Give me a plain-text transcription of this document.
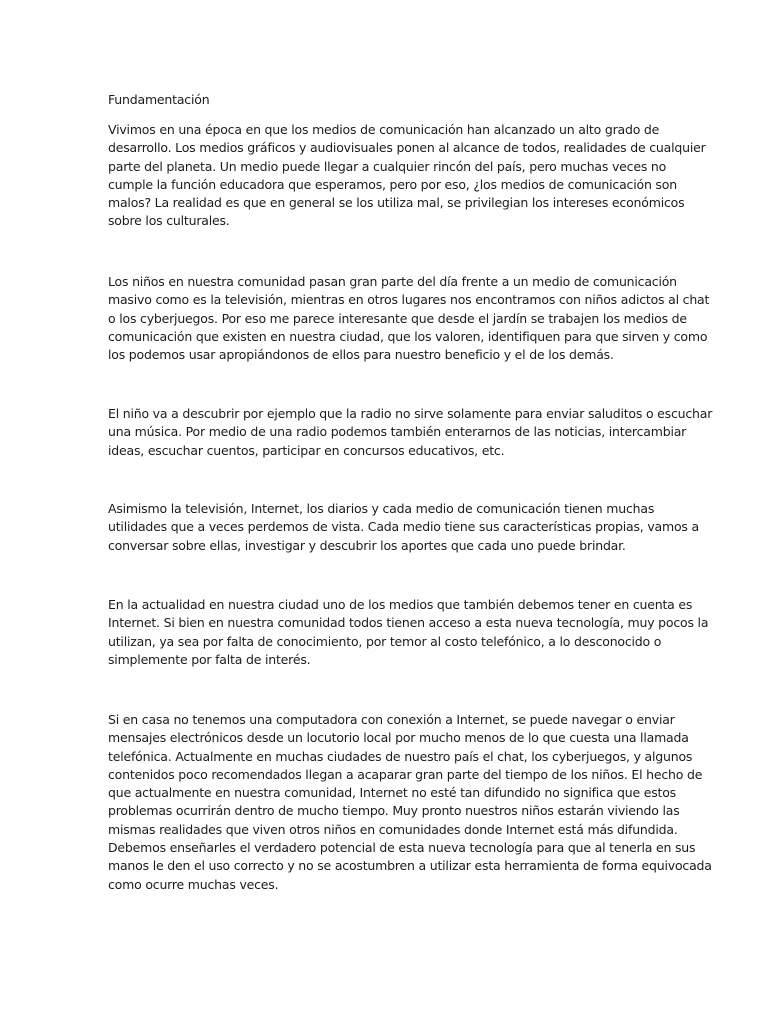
Fundamentación

Vivimos en una época en que los medios de comunicación han alcanzado un alto grado de
desarrollo. Los medios gráficos y audiovisuales ponen al alcance de todos, realidades de cualquier
parte del planeta. Un medio puede llegar a cualquier rincón del país, pero muchas veces no
cumple la función educadora que esperamos, pero por eso, ¿los medios de comunicación son
malos? La realidad es que en general se los utiliza mal, se privilegian los intereses económicos
sobre los culturales.

Los niños en nuestra comunidad pasan gran parte del día frente a un medio de comunicación
masivo como es la televisión, mientras en otros lugares nos encontramos con niños adictos al chat
o los cyberjuegos. Por eso me parece interesante que desde el jardín se trabajen los medios de
comunicación que existen en nuestra ciudad, que los valoren, identifiquen para que sirven y como
los podemos usar apropiándonos de ellos para nuestro beneficio y el de los demás.

El niño va a descubrir por ejemplo que la radio no sirve solamente para enviar saluditos o escuchar
una música. Por medio de una radio podemos también enterarnos de las noticias, intercambiar
ideas, escuchar cuentos, participar en concursos educativos, etc.

Asimismo la televisión, Internet, los diarios y cada medio de comunicación tienen muchas
utilidades que a veces perdemos de vista. Cada medio tiene sus características propias, vamos a
conversar sobre ellas, investigar y descubrir los aportes que cada uno puede brindar.

En la actualidad en nuestra ciudad uno de los medios que también debemos tener en cuenta es
Internet. Si bien en nuestra comunidad todos tienen acceso a esta nueva tecnología, muy pocos la
utilizan, ya sea por falta de conocimiento, por temor al costo telefónico, a lo desconocido o
simplemente por falta de interés.

Si en casa no tenemos una computadora con conexión a Internet, se puede navegar o enviar
mensajes electrónicos desde un locutorio local por mucho menos de lo que cuesta una llamada
telefónica. Actualmente en muchas ciudades de nuestro país el chat, los cyberjuegos, y algunos
contenidos poco recomendados llegan a acaparar gran parte del tiempo de los niños. El hecho de
que actualmente en nuestra comunidad, Internet no esté tan difundido no significa que estos
problemas ocurrirán dentro de mucho tiempo. Muy pronto nuestros niños estarán viviendo las
mismas realidades que viven otros niños en comunidades donde Internet está más difundida.
Debemos enseñarles el verdadero potencial de esta nueva tecnología para que al tenerla en sus
manos le den el uso correcto y no se acostumbren a utilizar esta herramienta de forma equivocada
como ocurre muchas veces.
